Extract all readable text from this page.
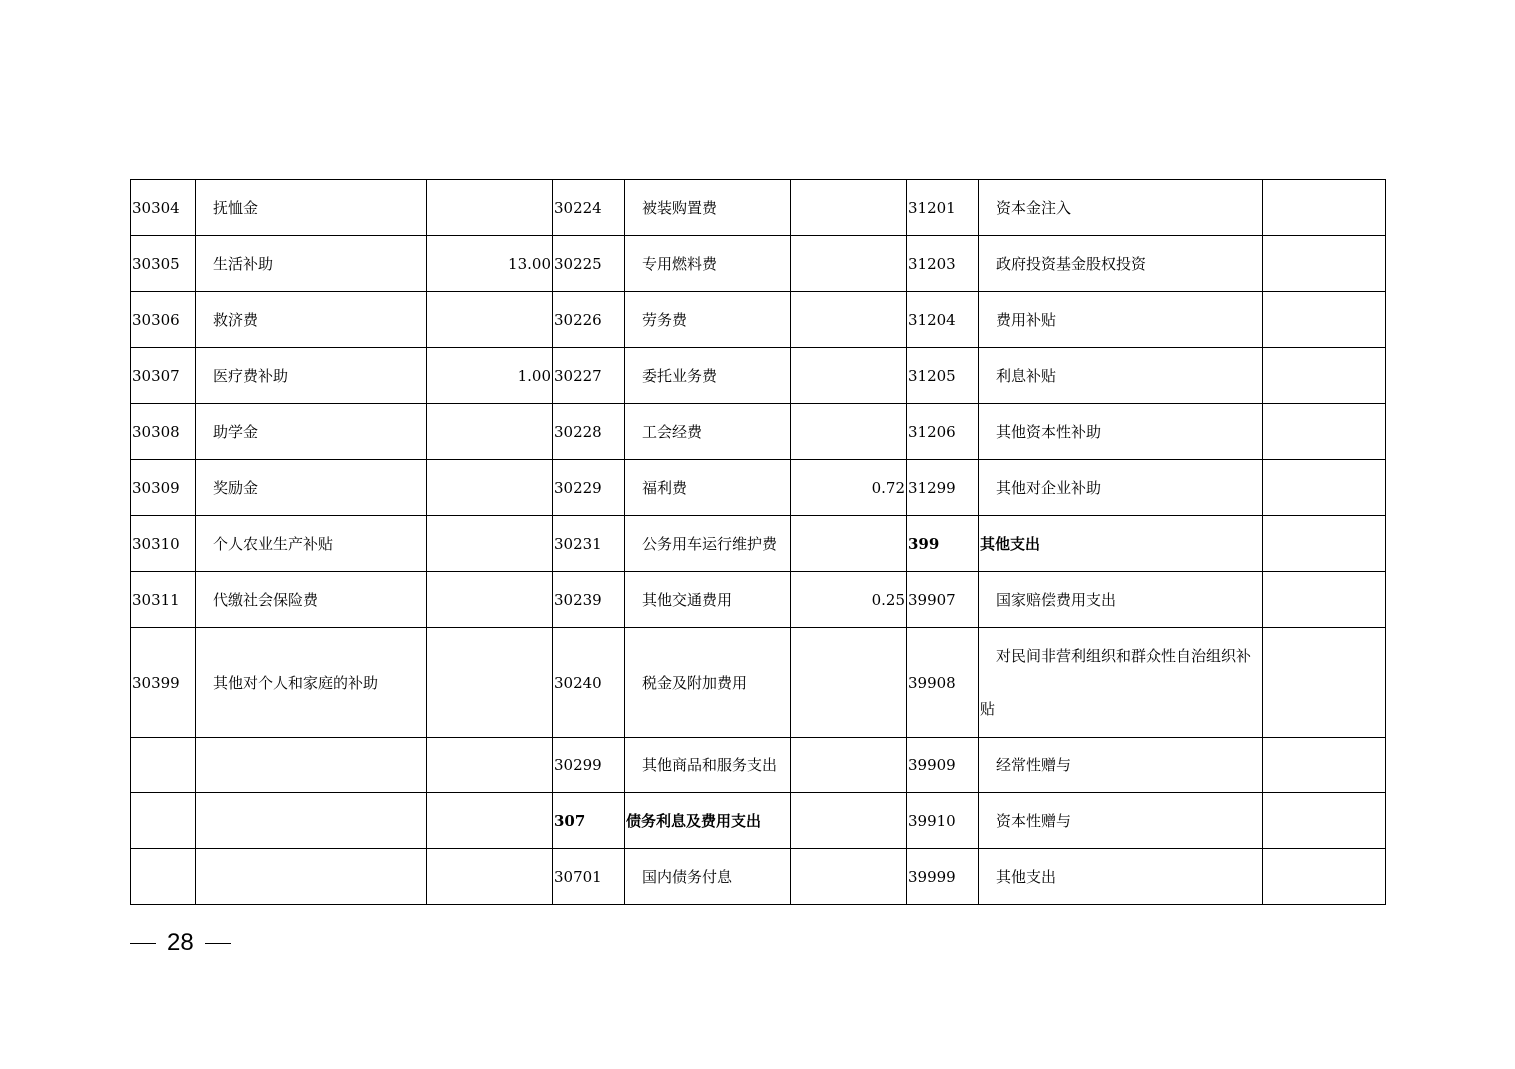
30304	抚恤金		30224	被装购置费		31201	资本金注入	
30305	生活补助	13.00	30225	专用燃料费		31203	政府投资基金股权投资	
30306	救济费		30226	劳务费		31204	费用补贴	
30307	医疗费补助	1.00	30227	委托业务费		31205	利息补贴	
30308	助学金		30228	工会经费		31206	其他资本性补助	
30309	奖励金		30229	福利费	0.72	31299	其他对企业补助	
30310	个人农业生产补贴		30231	公务用车运行维护费		399	其他支出	
30311	代缴社会保险费		30239	其他交通费用	0.25	39907	国家赔偿费用支出	
30399	其他对个人和家庭的补助		30240	税金及附加费用		39908	对民间非营利组织和群众性自治组织补贴	
			30299	其他商品和服务支出		39909	经常性赠与	
			307	债务利息及费用支出		39910	资本性赠与	
			30701	国内债务付息		39999	其他支出	
28
